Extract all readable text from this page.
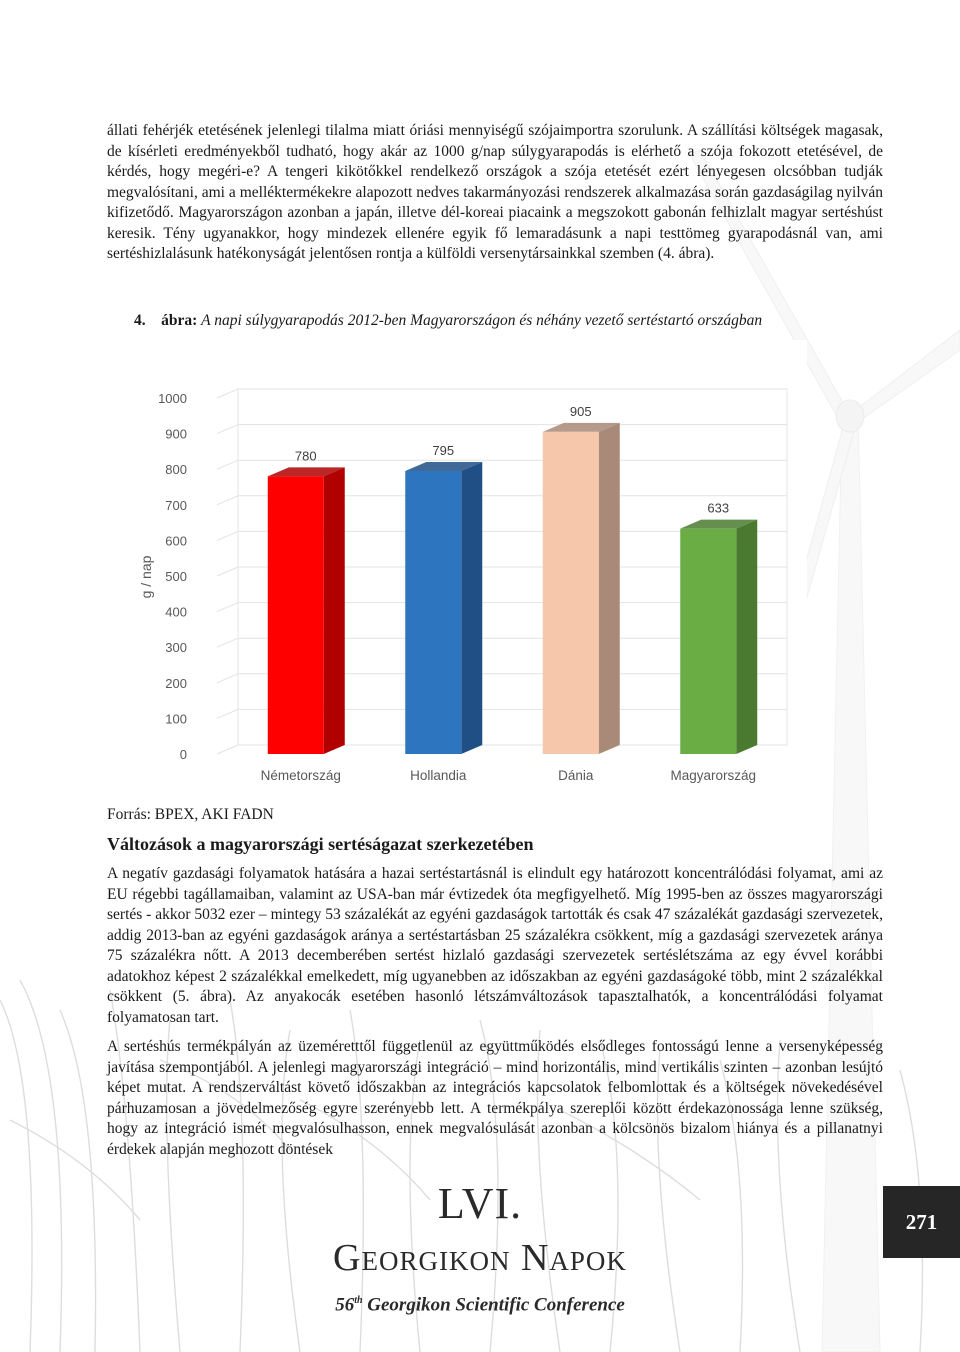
állati fehérjék etetésének jelenlegi tilalma miatt óriási mennyiségű szójaimportra szorulunk. A szállítási költségek magasak, de kísérleti eredményekből tudható, hogy akár az 1000 g/nap súlygyarapodás is elérhető a szója fokozott etetésével, de kérdés, hogy megéri-e? A tengeri kikötőkkel rendelkező országok a szója etetését ezért lényegesen olcsóbban tudják megvalósítani, ami a melléktermékekre alapozott nedves takarmányozási rendszerek alkalmazása során gazdaságilag nyilván kifizetődő. Magyarországon azonban a japán, illetve dél-koreai piacaink a megszokott gabonán felhizlalt magyar sertéshúst keresik. Tény ugyanakkor, hogy mindezek ellenére egyik fő lemaradásunk a napi testtömeg gyarapodásnál van, ami sertéshizlalásunk hatékonyságát jelentősen rontja a külföldi versenytársainkkal szemben (4. ábra).

4. ábra: A napi súlygyarapodás 2012-ben Magyarországon és néhány vezető sertéstartó országban
0
100
200
300
400
500
600
700
800
900
1000
g / nap
780	795
905
633
Németország	Hollandia	Dánia	Magyarország
Forrás: BPEX, AKI FADN
Változások a magyarországi sertéságazat szerkezetében

A negatív gazdasági folyamatok hatására a hazai sertéstartásnál is elindult egy határozott koncentrálódási folyamat, ami az EU régebbi tagállamaiban, valamint az USA-ban már évtizedek óta megfigyelhető. Míg 1995-ben az összes magyarországi sertés - akkor 5032 ezer – mintegy 53 százalékát az egyéni gazdaságok tartották és csak 47 százalékát gazdasági szervezetek, addig 2013-ban az egyéni gazdaságok aránya a sertéstartásban 25 százalékra csökkent, míg a gazdasági szervezetek aránya 75 százalékra nőtt. A 2013 decemberében sertést hizlaló gazdasági szervezetek sertéslétszáma az egy évvel korábbi adatokhoz képest 2 százalékkal emelkedett, míg ugyanebben az időszakban az egyéni gazdaságoké több, mint 2 százalékkal csökkent (5. ábra). Az anyakocák esetében hasonló létszámváltozások tapasztalhatók, a koncentrálódási folyamat folyamatosan tart.

A sertéshús termékpályán az üzeméretttől függetlenül az együttműködés elsődleges fontosságú lenne a versenyképesség javítása szempontjából. A jelenlegi magyarországi integráció – mind horizontális, mind vertikális szinten – azonban lesújtó képet mutat. A rendszerváltást követő időszakban az integrációs kapcsolatok felbomlottak és a költségek növekedésével párhuzamosan a jövedelmezőség egyre szerényebb lett. A termékpálya szereplői között érdekazonossága lenne szükség, hogy az integráció ismét megvalósulhasson, ennek megvalósulását azonban a kölcsönös bizalom hiánya és a pillanatnyi érdekek alapján meghozott döntések

LVI.
Georgikon Napok
56th Georgikon Scientific Conference
271
